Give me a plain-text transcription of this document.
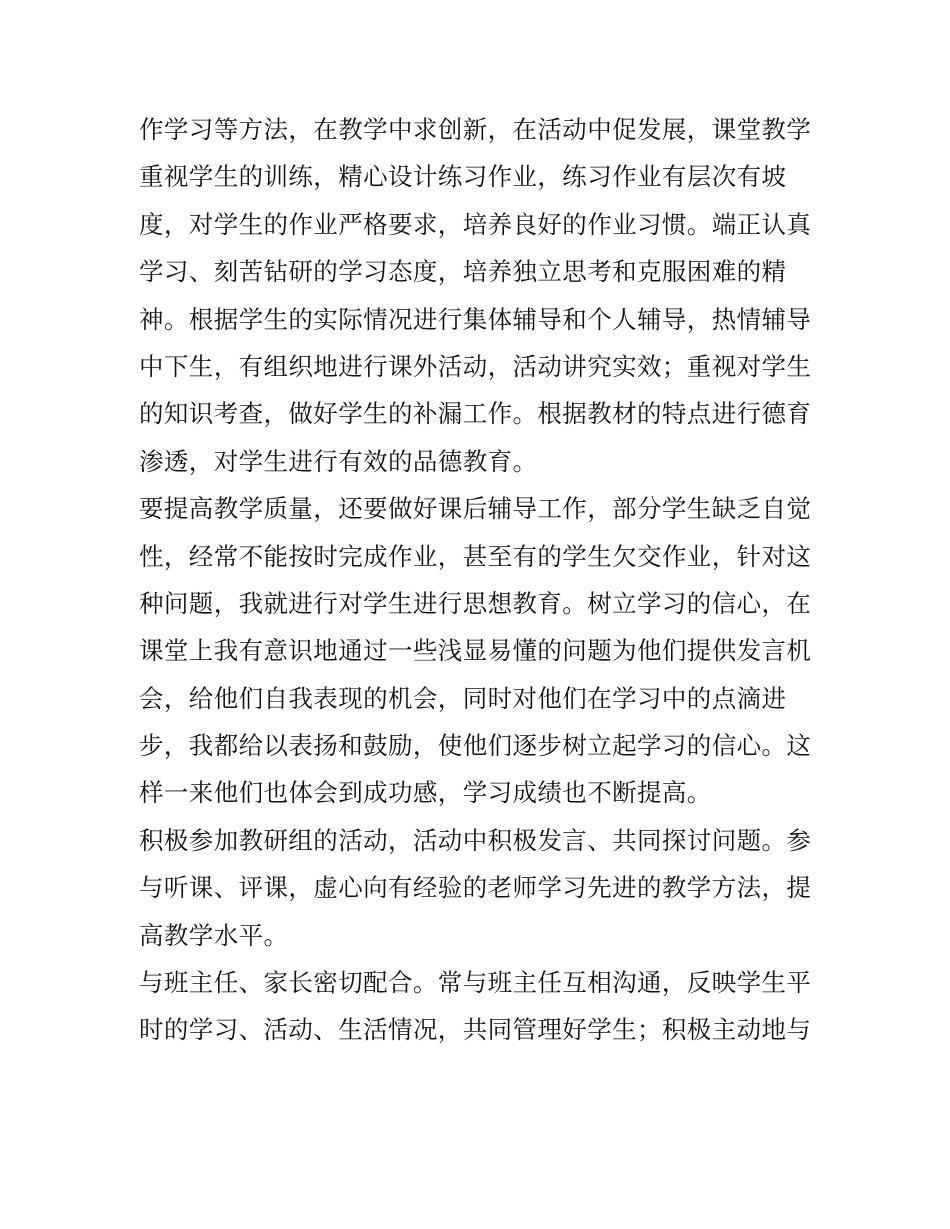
作学习等方法，在教学中求创新，在活动中促发展，课堂教学
重视学生的训练，精心设计练习作业，练习作业有层次有坡
度，对学生的作业严格要求，培养良好的作业习惯。端正认真
学习、刻苦钻研的学习态度，培养独立思考和克服困难的精
神。根据学生的实际情况进行集体辅导和个人辅导，热情辅导
中下生，有组织地进行课外活动，活动讲究实效；重视对学生
的知识考查，做好学生的补漏工作。根据教材的特点进行德育
渗透，对学生进行有效的品德教育。
要提高教学质量，还要做好课后辅导工作，部分学生缺乏自觉
性，经常不能按时完成作业，甚至有的学生欠交作业，针对这
种问题，我就进行对学生进行思想教育。树立学习的信心，在
课堂上我有意识地通过一些浅显易懂的问题为他们提供发言机
会，给他们自我表现的机会，同时对他们在学习中的点滴进
步，我都给以表扬和鼓励，使他们逐步树立起学习的信心。这
样一来他们也体会到成功感，学习成绩也不断提高。
积极参加教研组的活动，活动中积极发言、共同探讨问题。参
与听课、评课，虚心向有经验的老师学习先进的教学方法，提
高教学水平。
与班主任、家长密切配合。常与班主任互相沟通，反映学生平
时的学习、活动、生活情况，共同管理好学生；积极主动地与
